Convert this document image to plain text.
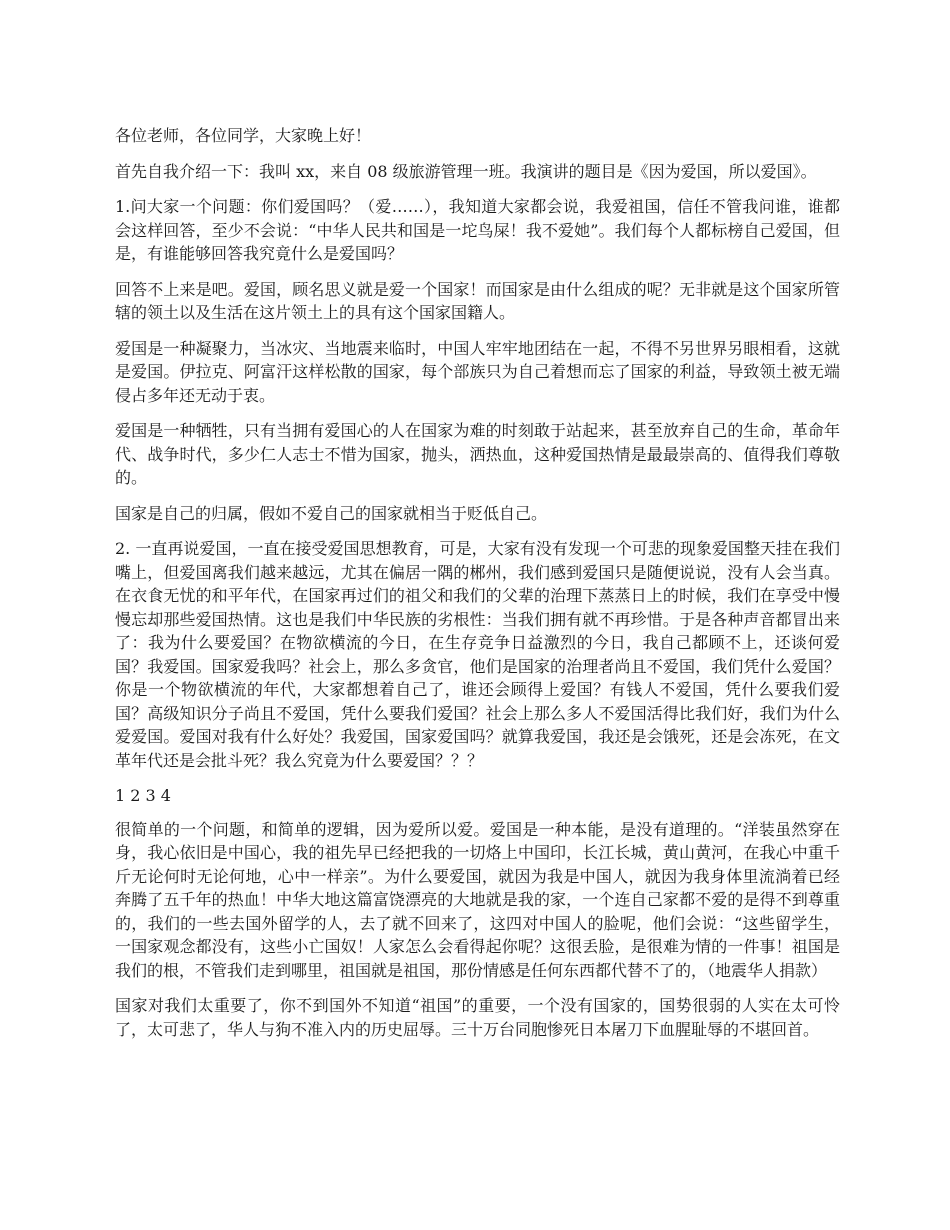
各位老师，各位同学，大家晚上好！

首先自我介绍一下：我叫 xx，来自 08 级旅游管理一班。我演讲的题目是《因为爱国，所以爱国》。

1.问大家一个问题：你们爱国吗？（爱……），我知道大家都会说，我爱祖国，信任不管我问谁，谁都会这样回答，至少不会说：“中华人民共和国是一坨鸟屎！我不爱她”。我们每个人都标榜自己爱国，但是，有谁能够回答我究竟什么是爱国吗？

回答不上来是吧。爱国，顾名思义就是爱一个国家！而国家是由什么组成的呢？无非就是这个国家所管辖的领土以及生活在这片领土上的具有这个国家国籍人。

爱国是一种凝聚力，当冰灾、当地震来临时，中国人牢牢地团结在一起，不得不另世界另眼相看，这就是爱国。伊拉克、阿富汗这样松散的国家，每个部族只为自己着想而忘了国家的利益，导致领土被无端侵占多年还无动于衷。

爱国是一种牺牲，只有当拥有爱国心的人在国家为难的时刻敢于站起来，甚至放弃自己的生命，革命年代、战争时代，多少仁人志士不惜为国家，抛头，洒热血，这种爱国热情是最最崇高的、值得我们尊敬的。

国家是自己的归属，假如不爱自己的国家就相当于贬低自己。

2. 一直再说爱国，一直在接受爱国思想教育，可是，大家有没有发现一个可悲的现象爱国整天挂在我们嘴上，但爱国离我们越来越远，尤其在偏居一隅的郴州，我们感到爱国只是随便说说，没有人会当真。在衣食无忧的和平年代，在国家再过们的祖父和我们的父辈的治理下蒸蒸日上的时候，我们在享受中慢慢忘却那些爱国热情。这也是我们中华民族的劣根性：当我们拥有就不再珍惜。于是各种声音都冒出来了：我为什么要爱国？在物欲横流的今日，在生存竞争日益激烈的今日，我自己都顾不上，还谈何爱国？我爱国。国家爱我吗？社会上，那么多贪官，他们是国家的治理者尚且不爱国，我们凭什么爱国？你是一个物欲横流的年代，大家都想着自己了，谁还会顾得上爱国？有钱人不爱国，凭什么要我们爱国？高级知识分子尚且不爱国，凭什么要我们爱国？社会上那么多人不爱国活得比我们好，我们为什么爱爱国。爱国对我有什么好处？我爱国，国家爱国吗？就算我爱国，我还是会饿死，还是会冻死，在文革年代还是会批斗死？我么究竟为什么要爱国？？？

1 2 3 4

很简单的一个问题，和简单的逻辑，因为爱所以爱。爱国是一种本能，是没有道理的。“洋装虽然穿在身，我心依旧是中国心，我的祖先早已经把我的一切烙上中国印，长江长城，黄山黄河，在我心中重千斤无论何时无论何地，心中一样亲”。为什么要爱国，就因为我是中国人，就因为我身体里流淌着已经奔腾了五千年的热血！中华大地这篇富饶漂亮的大地就是我的家，一个连自己家都不爱的是得不到尊重的，我们的一些去国外留学的人，去了就不回来了，这四对中国人的脸呢，他们会说：“这些留学生，一国家观念都没有，这些小亡国奴！人家怎么会看得起你呢？这很丢脸，是很难为情的一件事！祖国是我们的根，不管我们走到哪里，祖国就是祖国，那份情感是任何东西都代替不了的，（地震华人捐款）

国家对我们太重要了，你不到国外不知道“祖国”的重要，一个没有国家的，国势很弱的人实在太可怜了，太可悲了，华人与狗不准入内的历史屈辱。三十万台同胞惨死日本屠刀下血腥耻辱的不堪回首。
